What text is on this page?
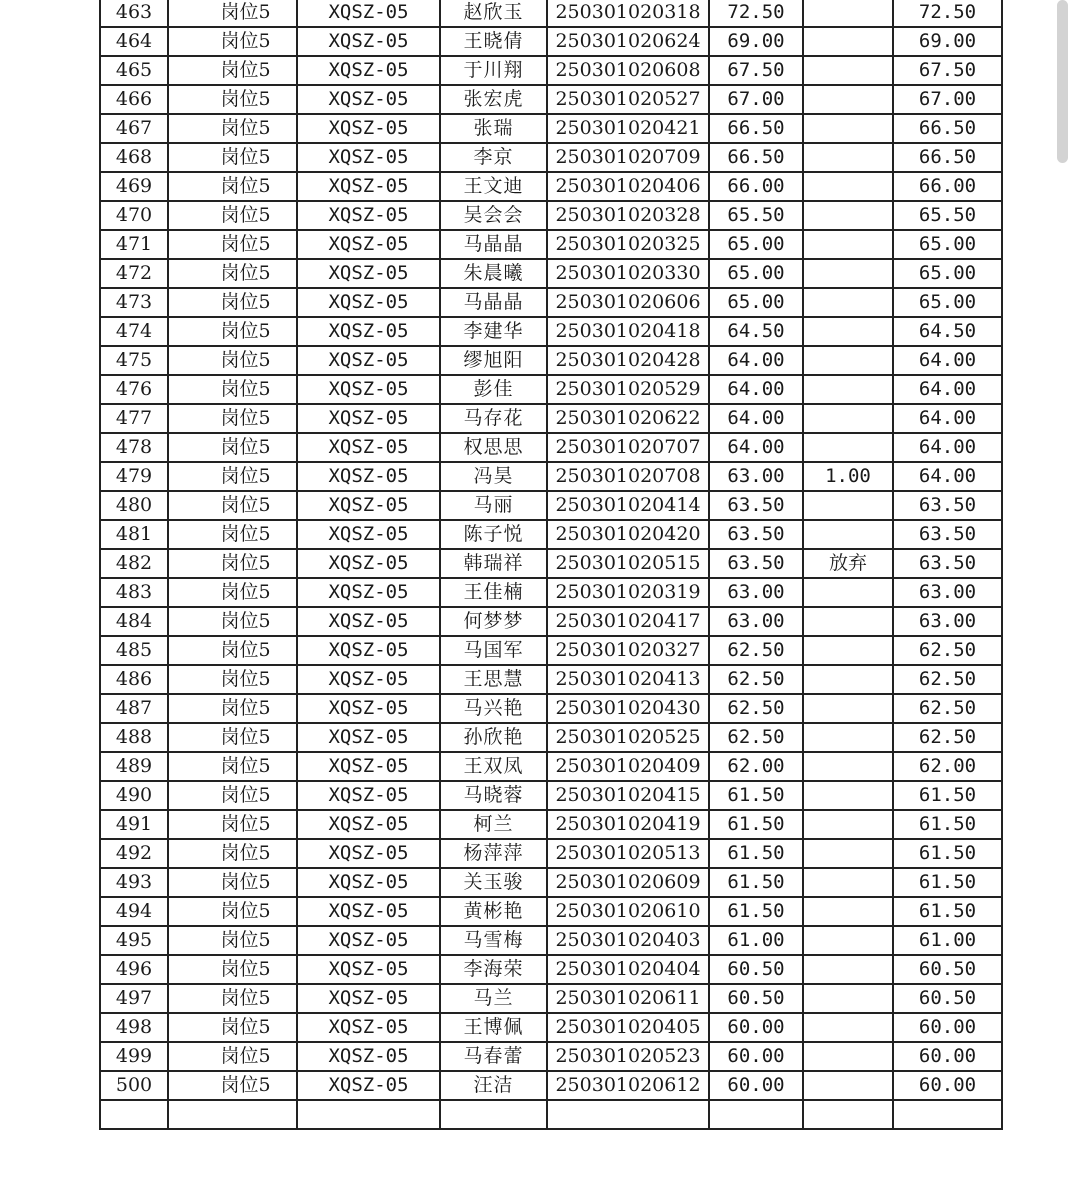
463	岗位5	XQSZ-05	赵欣玉	250301020318	72.50		72.50
464	岗位5	XQSZ-05	王晓倩	250301020624	69.00		69.00
465	岗位5	XQSZ-05	于川翔	250301020608	67.50		67.50
466	岗位5	XQSZ-05	张宏虎	250301020527	67.00		67.00
467	岗位5	XQSZ-05	张瑞	250301020421	66.50		66.50
468	岗位5	XQSZ-05	李京	250301020709	66.50		66.50
469	岗位5	XQSZ-05	王文迪	250301020406	66.00		66.00
470	岗位5	XQSZ-05	吴会会	250301020328	65.50		65.50
471	岗位5	XQSZ-05	马晶晶	250301020325	65.00		65.00
472	岗位5	XQSZ-05	朱晨曦	250301020330	65.00		65.00
473	岗位5	XQSZ-05	马晶晶	250301020606	65.00		65.00
474	岗位5	XQSZ-05	李建华	250301020418	64.50		64.50
475	岗位5	XQSZ-05	缪旭阳	250301020428	64.00		64.00
476	岗位5	XQSZ-05	彭佳	250301020529	64.00		64.00
477	岗位5	XQSZ-05	马存花	250301020622	64.00		64.00
478	岗位5	XQSZ-05	权思思	250301020707	64.00		64.00
479	岗位5	XQSZ-05	冯昊	250301020708	63.00	1.00	64.00
480	岗位5	XQSZ-05	马丽	250301020414	63.50		63.50
481	岗位5	XQSZ-05	陈子悦	250301020420	63.50		63.50
482	岗位5	XQSZ-05	韩瑞祥	250301020515	63.50	放弃	63.50
483	岗位5	XQSZ-05	王佳楠	250301020319	63.00		63.00
484	岗位5	XQSZ-05	何梦梦	250301020417	63.00		63.00
485	岗位5	XQSZ-05	马国军	250301020327	62.50		62.50
486	岗位5	XQSZ-05	王思慧	250301020413	62.50		62.50
487	岗位5	XQSZ-05	马兴艳	250301020430	62.50		62.50
488	岗位5	XQSZ-05	孙欣艳	250301020525	62.50		62.50
489	岗位5	XQSZ-05	王双凤	250301020409	62.00		62.00
490	岗位5	XQSZ-05	马晓蓉	250301020415	61.50		61.50
491	岗位5	XQSZ-05	柯兰	250301020419	61.50		61.50
492	岗位5	XQSZ-05	杨萍萍	250301020513	61.50		61.50
493	岗位5	XQSZ-05	关玉骏	250301020609	61.50		61.50
494	岗位5	XQSZ-05	黄彬艳	250301020610	61.50		61.50
495	岗位5	XQSZ-05	马雪梅	250301020403	61.00		61.00
496	岗位5	XQSZ-05	李海荣	250301020404	60.50		60.50
497	岗位5	XQSZ-05	马兰	250301020611	60.50		60.50
498	岗位5	XQSZ-05	王博佩	250301020405	60.00		60.00
499	岗位5	XQSZ-05	马春蕾	250301020523	60.00		60.00
500	岗位5	XQSZ-05	汪洁	250301020612	60.00		60.00
